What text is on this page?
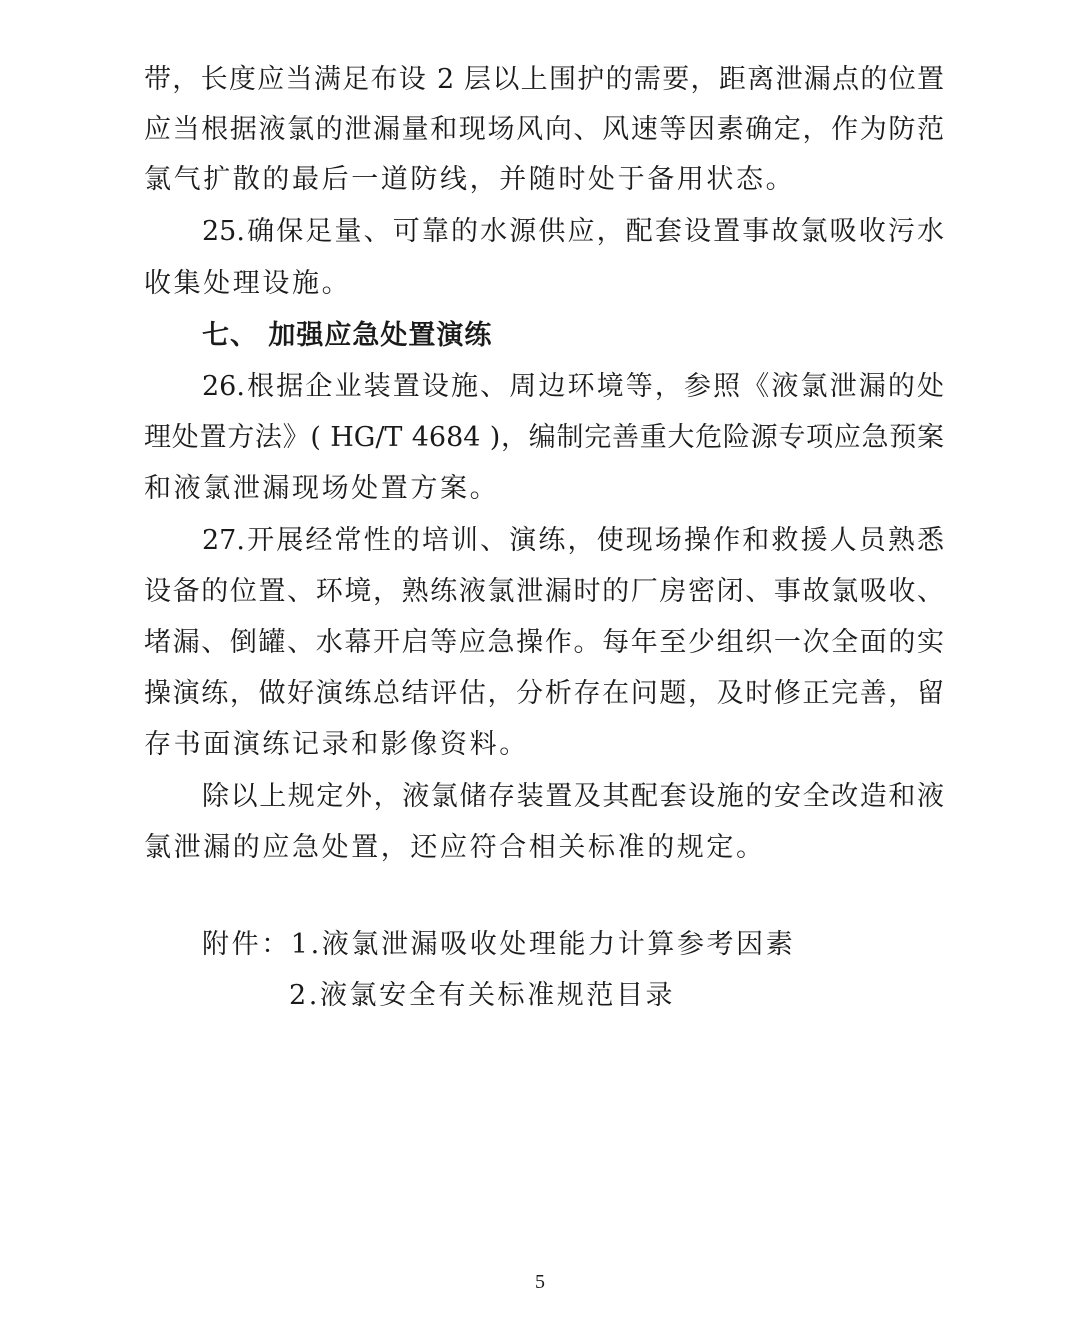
带，长度应当满足布设 2 层以上围护的需要，距离泄漏点的位置
应当根据液氯的泄漏量和现场风向、风速等因素确定，作为防范
氯气扩散的最后一道防线，并随时处于备用状态。
25.确保足量、可靠的水源供应，配套设置事故氯吸收污水
收集处理设施。
七、 加强应急处置演练
26.根据企业装置设施、周边环境等，参照《液氯泄漏的处
理处置方法》( HG/T 4684 )，编制完善重大危险源专项应急预案
和液氯泄漏现场处置方案。
27.开展经常性的培训、演练，使现场操作和救援人员熟悉
设备的位置、环境，熟练液氯泄漏时的厂房密闭、事故氯吸收、
堵漏、倒罐、水幕开启等应急操作。每年至少组织一次全面的实
操演练，做好演练总结评估，分析存在问题，及时修正完善，留
存书面演练记录和影像资料。
除以上规定外，液氯储存装置及其配套设施的安全改造和液
氯泄漏的应急处置，还应符合相关标准的规定。
附件：1.液氯泄漏吸收处理能力计算参考因素
2.液氯安全有关标准规范目录
5
